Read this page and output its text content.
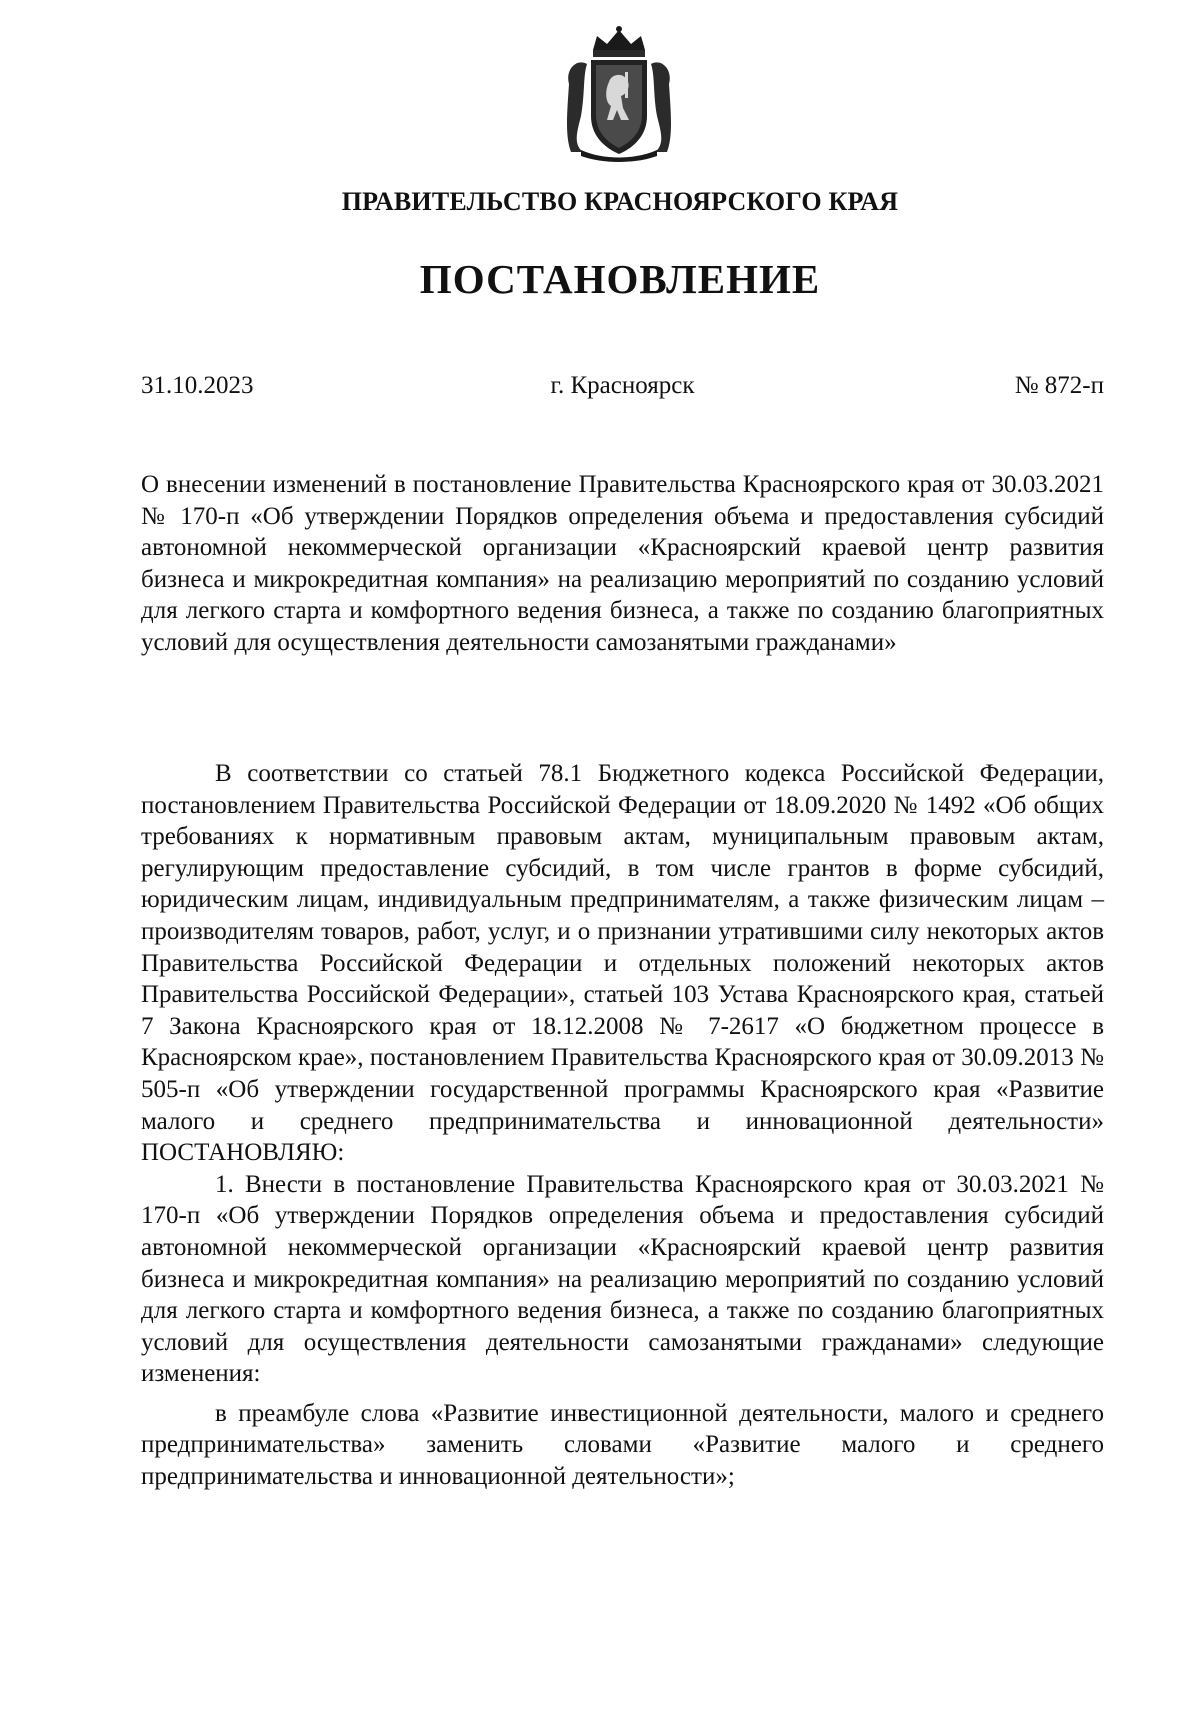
ПРАВИТЕЛЬСТВО КРАСНОЯРСКОГО КРАЯ
ПОСТАНОВЛЕНИЕ
г. Красноярск
31.10.2023	№ 872-п
О внесении изменений в постановление Правительства Красноярского края от 30.03.2021 № 170-п «Об утверждении Порядков определения объема и предоставления субсидий автономной некоммерческой организации «Красноярский краевой центр развития бизнеса и микрокредитная компания» на реализацию мероприятий по созданию условий для легкого старта и комфортного ведения бизнеса, а также по созданию благоприятных условий для осуществления деятельности самозанятыми гражданами»

В соответствии со статьей 78.1 Бюджетного кодекса Российской Федерации, постановлением Правительства Российской Федерации от 18.09.2020 № 1492 «Об общих требованиях к нормативным правовым актам, муниципальным правовым актам, регулирующим предоставление субсидий, в том числе грантов в форме субсидий, юридическим лицам, индивидуальным предпринимателям, а также физическим лицам – производителям товаров, работ, услуг, и о признании утратившими силу некоторых актов Правительства Российской Федерации и отдельных положений некоторых актов Правительства Российской Федерации», статьей 103 Устава Красноярского края, статьей 7 Закона Красноярского края от 18.12.2008 № 7-2617 «О бюджетном процессе в Красноярском крае», постановлением Правительства Красноярского края от 30.09.2013 № 505-п «Об утверждении государственной программы Красноярского края «Развитие малого и среднего предпринимательства и инновационной деятельности» ПОСТАНОВЛЯЮ:

1. Внести в постановление Правительства Красноярского края от 30.03.2021 № 170-п «Об утверждении Порядков определения объема и предоставления субсидий автономной некоммерческой организации «Красноярский краевой центр развития бизнеса и микрокредитная компания» на реализацию мероприятий по созданию условий для легкого старта и комфортного ведения бизнеса, а также по созданию благоприятных условий для осуществления деятельности самозанятыми гражданами» следующие изменения:

в преамбуле слова «Развитие инвестиционной деятельности, малого и среднего предпринимательства» заменить словами «Развитие малого и среднего предпринимательства и инновационной деятельности»;
